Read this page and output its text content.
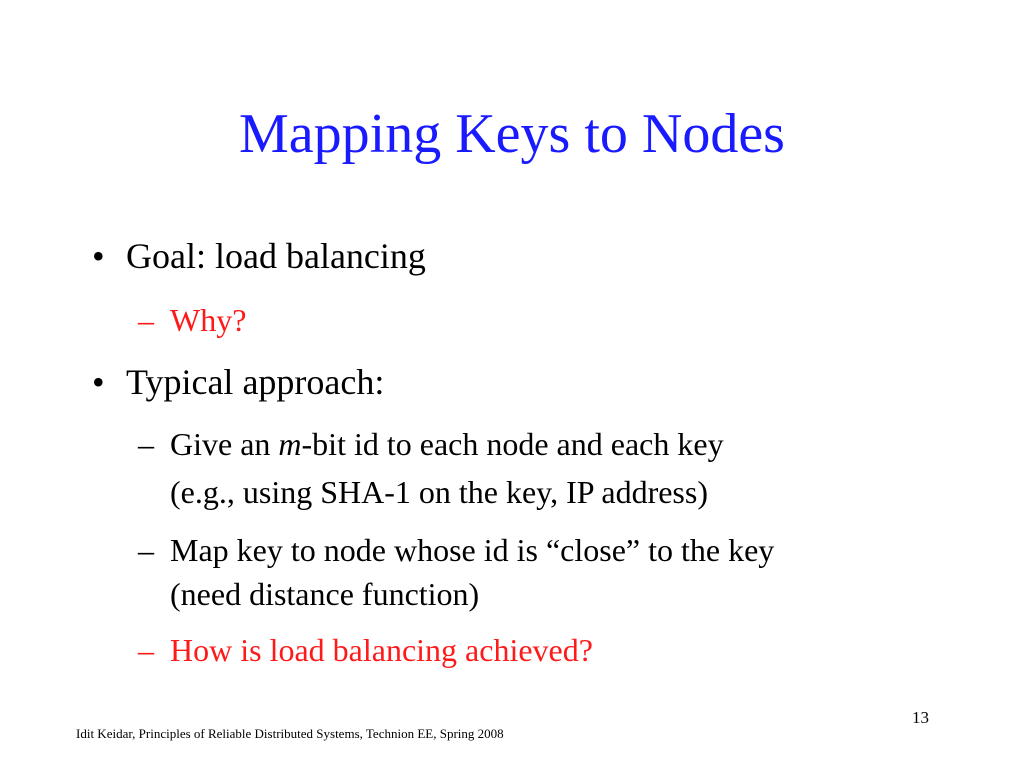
Mapping Keys to Nodes
• Goal: load balancing
– Why?
• Typical approach:
– Give an m-bit id to each node and each key
(e.g., using SHA-1 on the key, IP address)
– Map key to node whose id is “close” to the key
(need distance function)
– How is load balancing achieved?
Idit Keidar, Principles of Reliable Distributed Systems, Technion EE, Spring 2008
13
